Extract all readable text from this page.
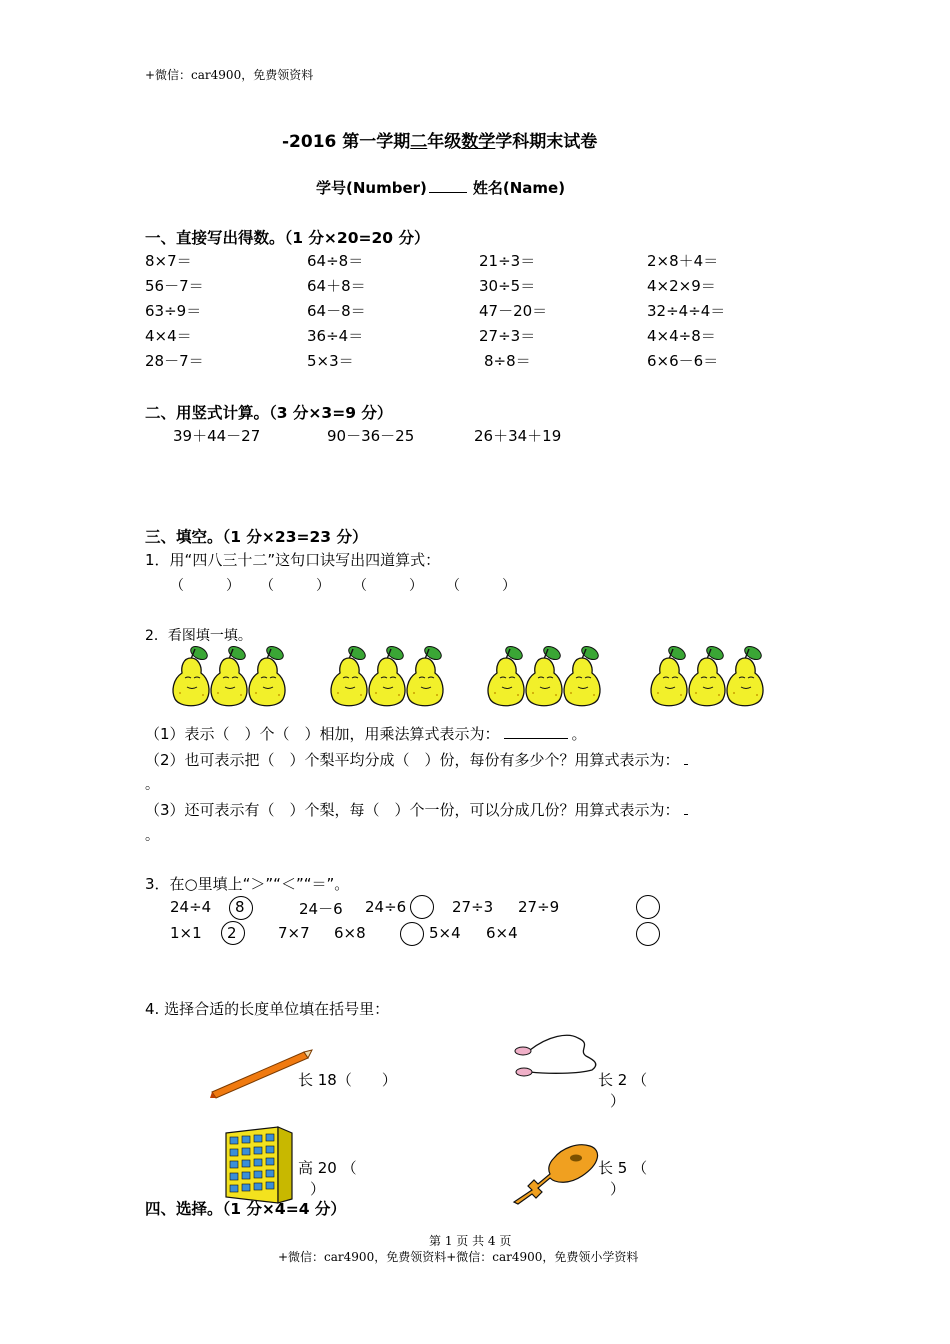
+微信：car4900，免费领资料
-2016 第一学期二年级数学学科期末试卷
学号(Number)	姓名(Name)
一、直接写出得数。（1 分×20=20 分）
8×7＝	64÷8＝	21÷3＝	2×8＋4＝
56－7＝	64＋8＝	30÷5＝	4×2×9＝
63÷9＝	64－8＝	47－20＝	32÷4÷4＝
4×4＝	36÷4＝	27÷3＝	4×4÷8＝
28－7＝	5×3＝	8÷8＝	6×6－6＝
二、用竖式计算。（3 分×3=9 分）
39＋44－27	90－36－25	26＋34＋19
三、填空。（1 分×23=23 分）
1．用“四八三十二”这句口诀写出四道算式：
（　　　） （　　　） （　　　） （　　　）
2．看图填一填。
（1）表示（　）个（　）相加，用乘法算式表示为：	。
（2）也可表示把（　）个梨平均分成（　）份，每份有多少个？用算式表示为：
。
（3）还可表示有（　）个梨，每（　）个一份，可以分成几份？用算式表示为：
。
3．在○里填上“＞”“＜”“＝”。
24÷4 8	24－6 24÷6	27÷3 27÷9
1×1 2	7×7 6×8	5×4 6×4
4. 选择合适的长度单位填在括号里：
长 18（　　）	长 2 （
）
高 20 （
）
长 5 （
）
四、选择。（1 分×4=4 分）
第 1 页 共 4 页
+微信：car4900，免费领资料+微信：car4900，免费领小学资料
